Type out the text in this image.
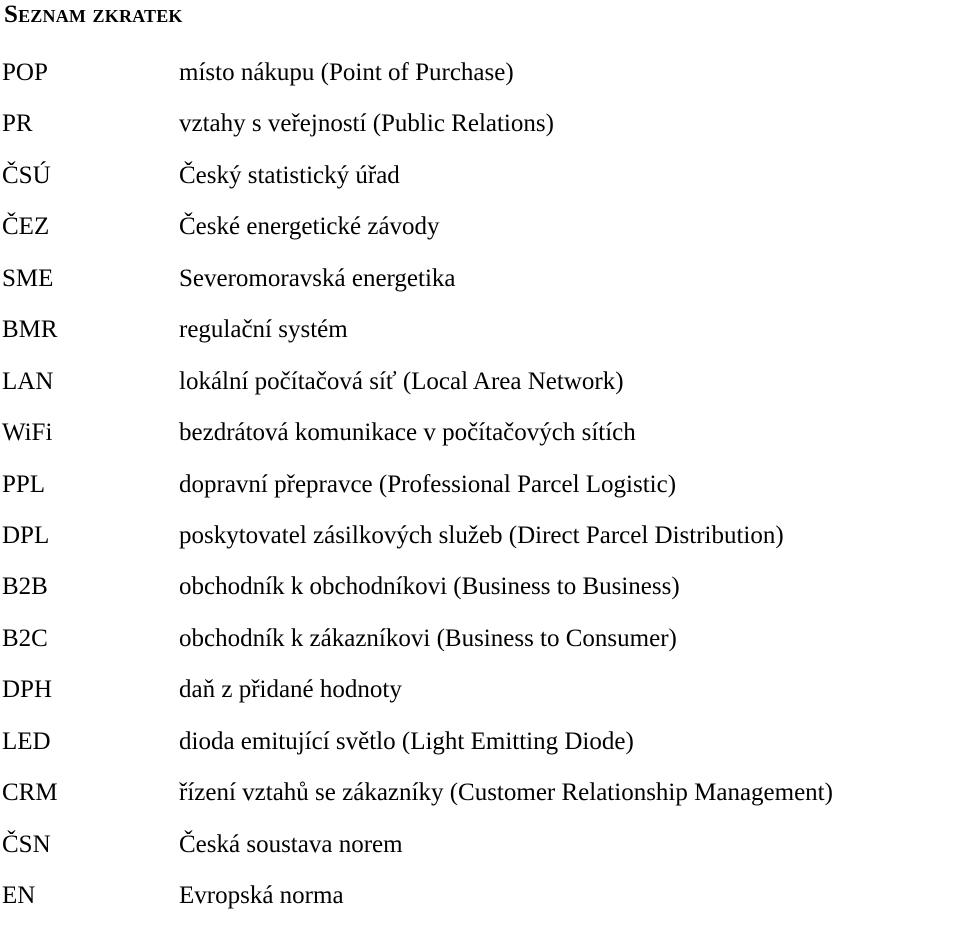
Seznam zkratek
POP	místo nákupu (Point of Purchase)
PR	vztahy s veřejností (Public Relations)
ČSÚ	Český statistický úřad
ČEZ	České energetické závody
SME	Severomoravská energetika
BMR	regulační systém
LAN	lokální počítačová síť (Local Area Network)
WiFi	bezdrátová komunikace v počítačových sítích
PPL	dopravní přepravce (Professional Parcel Logistic)
DPL	poskytovatel zásilkových služeb (Direct Parcel Distribution)
B2B	obchodník k obchodníkovi (Business to Business)
B2C	obchodník k zákazníkovi (Business to Consumer)
DPH	daň z přidané hodnoty
LED	dioda emitující světlo (Light Emitting Diode)
CRM	řízení vztahů se zákazníky (Customer Relationship Management)
ČSN	Česká soustava norem
EN	Evropská norma
